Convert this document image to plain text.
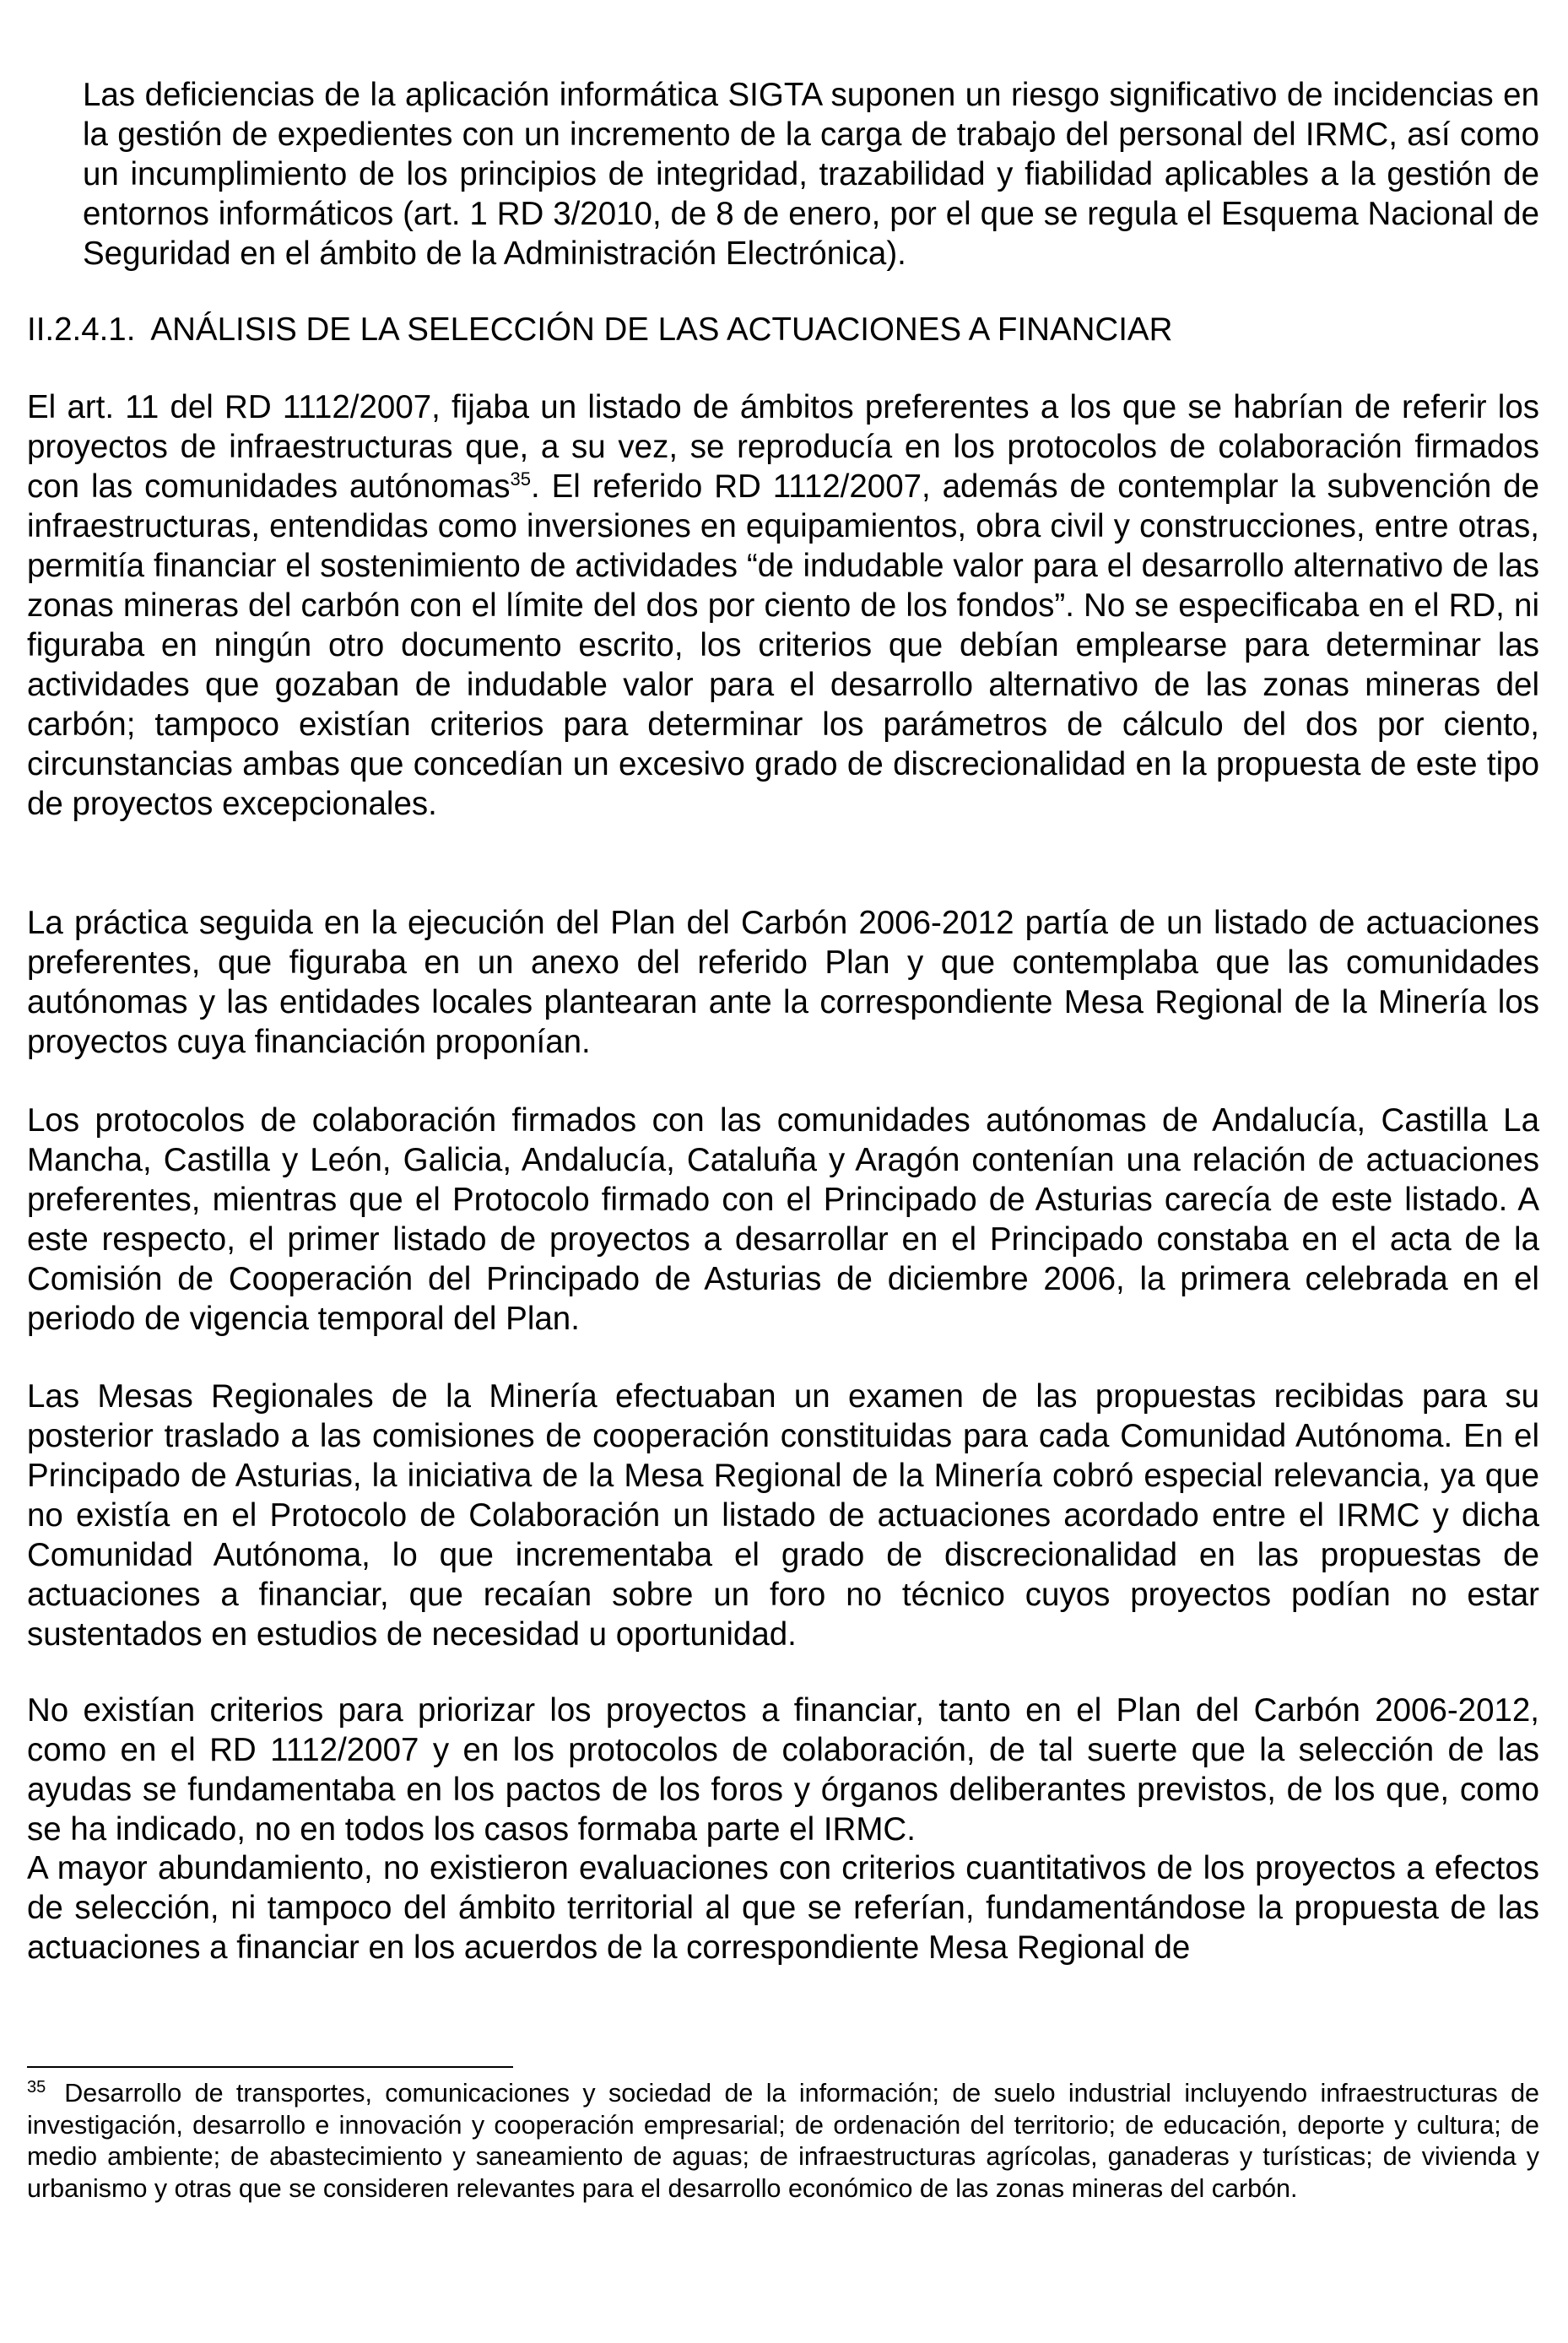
Las deficiencias de la aplicación informática SIGTA suponen un riesgo significativo de incidencias en la gestión de expedientes con un incremento de la carga de trabajo del personal del IRMC, así como un incumplimiento de los principios de integridad, trazabilidad y fiabilidad aplicables a la gestión de entornos informáticos (art. 1 RD 3/2010, de 8 de enero, por el que se regula el Esquema Nacional de Seguridad en el ámbito de la Administración Electrónica).

II.2.4.1. ANÁLISIS DE LA SELECCIÓN DE LAS ACTUACIONES A FINANCIAR

El art. 11 del RD 1112/2007, fijaba un listado de ámbitos preferentes a los que se habrían de referir los proyectos de infraestructuras que, a su vez, se reproducía en los protocolos de colaboración firmados con las comunidades autónomas$^{35}$. El referido RD 1112/2007, además de contemplar la subvención de infraestructuras, entendidas como inversiones en equipamientos, obra civil y construcciones, entre otras, permitía financiar el sostenimiento de actividades “de indudable valor para el desarrollo alternativo de las zonas mineras del carbón con el límite del dos por ciento de los fondos”. No se especificaba en el RD, ni figuraba en ningún otro documento escrito, los criterios que debían emplearse para determinar las actividades que gozaban de indudable valor para el desarrollo alternativo de las zonas mineras del carbón; tampoco existían criterios para determinar los parámetros de cálculo del dos por ciento, circunstancias ambas que concedían un excesivo grado de discrecionalidad en la propuesta de este tipo de proyectos excepcionales.

La práctica seguida en la ejecución del Plan del Carbón 2006-2012 partía de un listado de actuaciones preferentes, que figuraba en un anexo del referido Plan y que contemplaba que las comunidades autónomas y las entidades locales plantearan ante la correspondiente Mesa Regional de la Minería los proyectos cuya financiación proponían.

Los protocolos de colaboración firmados con las comunidades autónomas de Andalucía, Castilla La Mancha, Castilla y León, Galicia, Andalucía, Cataluña y Aragón contenían una relación de actuaciones preferentes, mientras que el Protocolo firmado con el Principado de Asturias carecía de este listado. A este respecto, el primer listado de proyectos a desarrollar en el Principado constaba en el acta de la Comisión de Cooperación del Principado de Asturias de diciembre 2006, la primera celebrada en el periodo de vigencia temporal del Plan.

Las Mesas Regionales de la Minería efectuaban un examen de las propuestas recibidas para su posterior traslado a las comisiones de cooperación constituidas para cada Comunidad Autónoma. En el Principado de Asturias, la iniciativa de la Mesa Regional de la Minería cobró especial relevancia, ya que no existía en el Protocolo de Colaboración un listado de actuaciones acordado entre el IRMC y dicha Comunidad Autónoma, lo que incrementaba el grado de discrecionalidad en las propuestas de actuaciones a financiar, que recaían sobre un foro no técnico cuyos proyectos podían no estar sustentados en estudios de necesidad u oportunidad.

No existían criterios para priorizar los proyectos a financiar, tanto en el Plan del Carbón 2006-2012, como en el RD 1112/2007 y en los protocolos de colaboración, de tal suerte que la selección de las ayudas se fundamentaba en los pactos de los foros y órganos deliberantes previstos, de los que, como se ha indicado, no en todos los casos formaba parte el IRMC.

A mayor abundamiento, no existieron evaluaciones con criterios cuantitativos de los proyectos a efectos de selección, ni tampoco del ámbito territorial al que se referían, fundamentándose la propuesta de las actuaciones a financiar en los acuerdos de la correspondiente Mesa Regional de

$^{35}$ Desarrollo de transportes, comunicaciones y sociedad de la información; de suelo industrial incluyendo infraestructuras de investigación, desarrollo e innovación y cooperación empresarial; de ordenación del territorio; de educación, deporte y cultura; de medio ambiente; de abastecimiento y saneamiento de aguas; de infraestructuras agrícolas, ganaderas y turísticas; de vivienda y urbanismo y otras que se consideren relevantes para el desarrollo económico de las zonas mineras del carbón.
